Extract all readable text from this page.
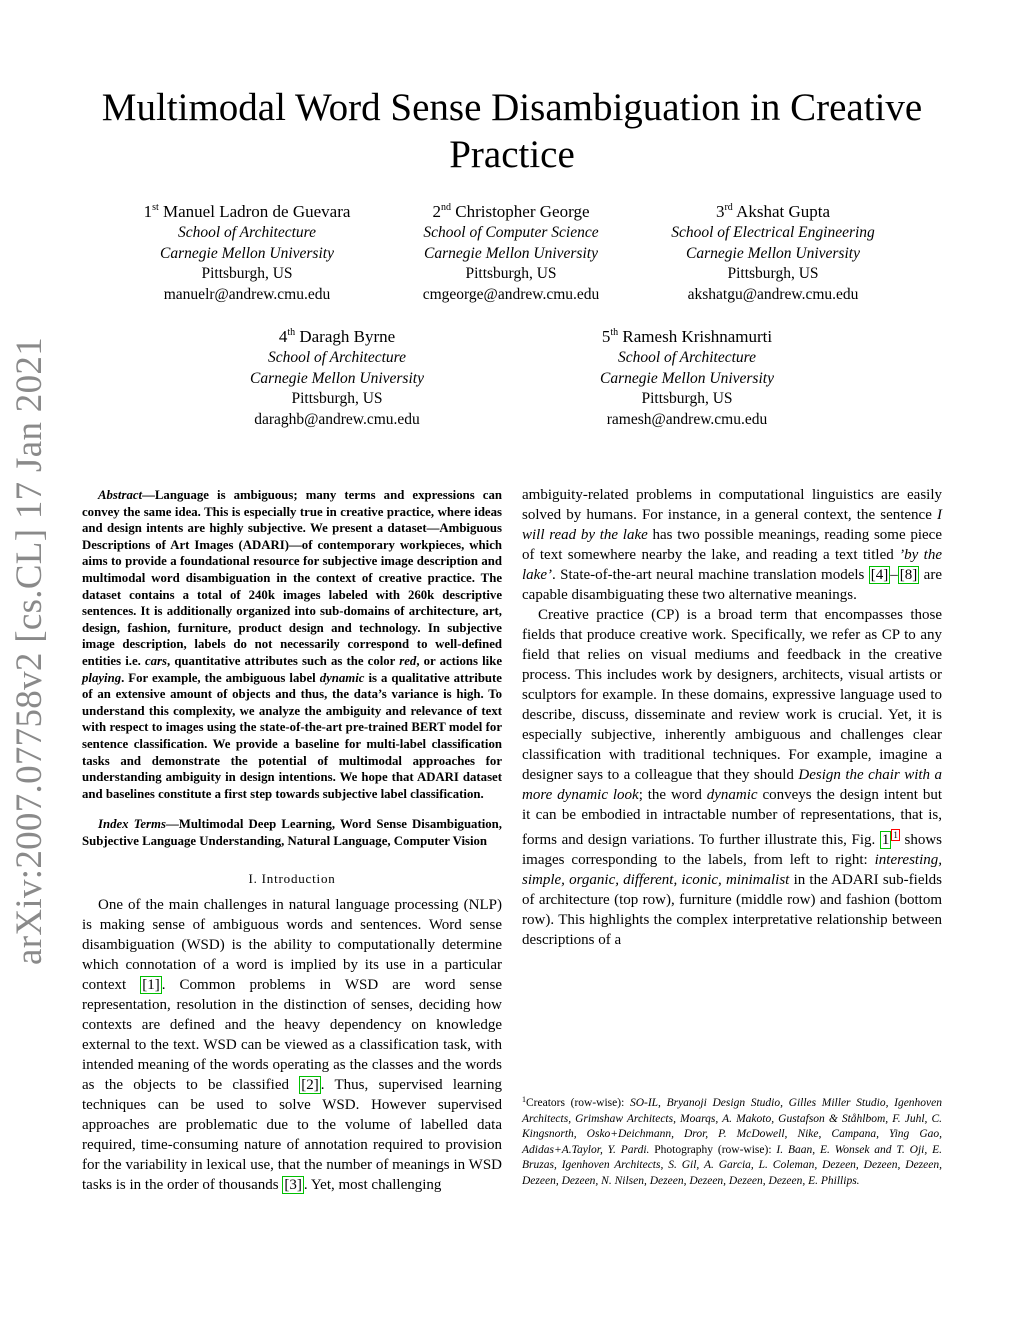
arXiv:2007.07758v2 [cs.CL] 17 Jan 2021
Multimodal Word Sense Disambiguation in Creative Practice
1st Manuel Ladron de Guevara
School of Architecture
Carnegie Mellon University
Pittsburgh, US
manuelr@andrew.cmu.edu
2nd Christopher George
School of Computer Science
Carnegie Mellon University
Pittsburgh, US
cmgeorge@andrew.cmu.edu
3rd Akshat Gupta
School of Electrical Engineering
Carnegie Mellon University
Pittsburgh, US
akshatgu@andrew.cmu.edu
4th Daragh Byrne
School of Architecture
Carnegie Mellon University
Pittsburgh, US
daraghb@andrew.cmu.edu
5th Ramesh Krishnamurti
School of Architecture
Carnegie Mellon University
Pittsburgh, US
ramesh@andrew.cmu.edu

Abstract—Language is ambiguous; many terms and expressions can convey the same idea. This is especially true in creative practice, where ideas and design intents are highly subjective. We present a dataset—Ambiguous Descriptions of Art Images (ADARI)—of contemporary workpieces, which aims to provide a foundational resource for subjective image description and multimodal word disambiguation in the context of creative practice. The dataset contains a total of 240k images labeled with 260k descriptive sentences. It is additionally organized into sub-domains of architecture, art, design, fashion, furniture, product design and technology. In subjective image description, labels do not necessarily correspond to well-defined entities i.e. cars, quantitative attributes such as the color red, or actions like playing. For example, the ambiguous label dynamic is a qualitative attribute of an extensive amount of objects and thus, the data’s variance is high. To understand this complexity, we analyze the ambiguity and relevance of text with respect to images using the state-of-the-art pre-trained BERT model for sentence classification. We provide a baseline for multi-label classification tasks and demonstrate the potential of multimodal approaches for understanding ambiguity in design intentions. We hope that ADARI dataset and baselines constitute a first step towards subjective label classification.

Index Terms—Multimodal Deep Learning, Word Sense Disambiguation, Subjective Language Understanding, Natural Language, Computer Vision

I. Introduction

One of the main challenges in natural language processing (NLP) is making sense of ambiguous words and sentences. Word sense disambiguation (WSD) is the ability to computationally determine which connotation of a word is implied by its use in a particular context [1] . Common problems in WSD are word sense representation, resolution in the distinction of senses, deciding how contexts are defined and the heavy dependency on knowledge external to the text. WSD can be viewed as a classification task, with intended meaning of the words operating as the classes and the words as the objects to be classified [2] . Thus, supervised learning techniques can be used to solve WSD. However supervised approaches are problematic due to the volume of labelled data required, time-consuming nature of annotation required to provision for the variability in lexical use, that the number of meanings in WSD tasks is in the order of thousands [3] . Yet, most challenging

ambiguity-related problems in computational linguistics are easily solved by humans. For instance, in a general context, the sentence I will read by the lake has two possible meanings, reading some piece of text somewhere nearby the lake, and reading a text titled ’by the lake’. State-of-the-art neural machine translation models [4] – [8] are capable disambiguating these two alternative meanings.

Creative practice (CP) is a broad term that encompasses those fields that produce creative work. Specifically, we refer as CP to any field that relies on visual mediums and feedback in the creative process. This includes work by designers, architects, visual artists or sculptors for example. In these domains, expressive language used to describe, discuss, disseminate and review work is crucial. Yet, it is especially subjective, inherently ambiguous and challenges clear classification with traditional techniques. For example, imagine a designer says to a colleague that they should Design the chair with a more dynamic look; the word dynamic conveys the design intent but it can be embodied in intractable number of representations, that is, forms and design variations. To further illustrate this, Fig. 1 $^1$ shows images corresponding to the labels, from left to right: interesting, simple, organic, different, iconic, minimalist in the ADARI sub-fields of architecture (top row), furniture (middle row) and fashion (bottom row). This highlights the complex interpretative relationship between descriptions of a

$^1$Creators (row-wise): SO-IL, Bryanoji Design Studio, Gilles Miller Studio, Igenhoven Architects, Grimshaw Architects, Moarqs, A. Makoto, Gustafson & Ståhlbom, F. Juhl, C. Kingsnorth, Osko+Deichmann, Dror, P. McDowell, Nike, Campana, Ying Gao, Adidas+A.Taylor, Y. Pardi. Photography (row-wise): I. Baan, E. Wonsek and T. Oji, E. Bruzas, Igenhoven Architects, S. Gil, A. Garcia, L. Coleman, Dezeen, Dezeen, Dezeen, Dezeen, Dezeen, N. Nilsen, Dezeen, Dezeen, Dezeen, Dezeen, E. Phillips.
